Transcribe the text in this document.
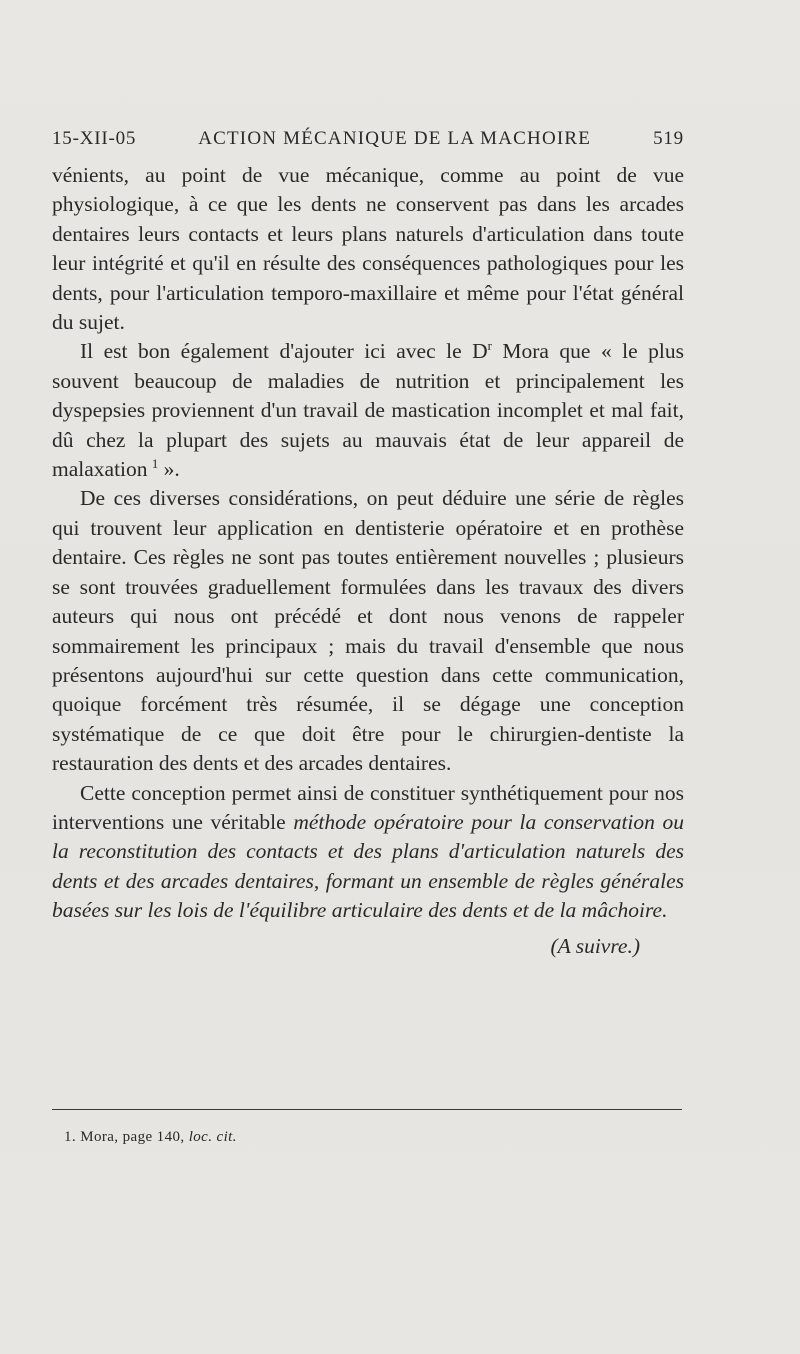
15-XII-05	ACTION MÉCANIQUE DE LA MACHOIRE	519

vénients, au point de vue mécanique, comme au point de vue physiologique, à ce que les dents ne conservent pas dans les arcades dentaires leurs contacts et leurs plans naturels d'articulation dans toute leur intégrité et qu'il en résulte des conséquences pathologiques pour les dents, pour l'articulation temporo-maxillaire et même pour l'état général du sujet.

Il est bon également d'ajouter ici avec le $D^r$ Mora que « le plus souvent beaucoup de maladies de nutrition et principalement les dyspepsies proviennent d'un travail de mastication incomplet et mal fait, dû chez la plupart des sujets au mauvais état de leur appareil de malaxation  $^1$ ».

De ces diverses considérations, on peut déduire une série de règles qui trouvent leur application en dentisterie opératoire et en prothèse dentaire. Ces règles ne sont pas toutes entièrement nouvelles ; plusieurs se sont trouvées graduellement formulées dans les travaux des divers auteurs qui nous ont précédé et dont nous venons de rappeler sommairement les principaux ; mais du travail d'ensemble que nous présentons aujourd'hui sur cette question dans cette communication, quoique forcément très résumée, il se dégage une conception systématique de ce que doit être pour le chirurgien-dentiste la restauration des dents et des arcades dentaires.

Cette conception permet ainsi de constituer synthétiquement pour nos interventions une véritable méthode opératoire pour la conservation ou la reconstitution des contacts et des plans d'articulation naturels des dents et des arcades dentaires, formant un ensemble de règles générales basées sur les lois de l'équilibre articulaire des dents et de la mâchoire.

(A suivre.)
1. Mora, page 140, loc. cit.
